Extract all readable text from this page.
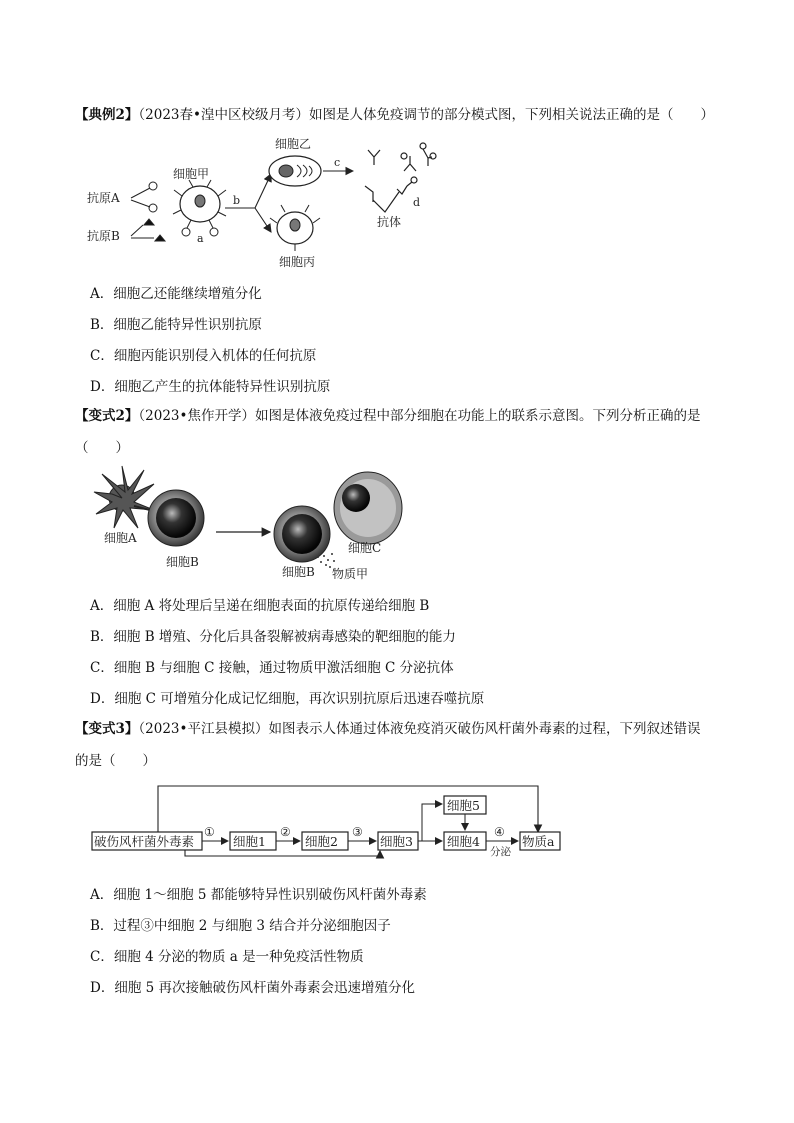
【典例2】（2023春•湟中区校级月考）如图是人体免疫调节的部分模式图，下列相关说法正确的是（　　）
抗原A
抗原B
细胞甲
a
b
细胞乙
c
抗体
d
细胞丙
A．细胞乙还能继续增殖分化
B．细胞乙能特异性识别抗原
C．细胞丙能识别侵入机体的任何抗原
D．细胞乙产生的抗体能特异性识别抗原
【变式2】（2023•焦作开学）如图是体液免疫过程中部分细胞在功能上的联系示意图。下列分析正确的是
（　　）
细胞A
细胞B
细胞B 物质甲
细胞C
A．细胞 A 将处理后呈递在细胞表面的抗原传递给细胞 B
B．细胞 B 增殖、分化后具备裂解被病毒感染的靶细胞的能力
C．细胞 B 与细胞 C 接触，通过物质甲激活细胞 C 分泌抗体
D．细胞 C 可增殖分化成记忆细胞，再次识别抗原后迅速吞噬抗原
【变式3】（2023•平江县模拟）如图表示人体通过体液免疫消灭破伤风杆菌外毒素的过程，下列叙述错误
的是（　　）
破伤风杆菌外毒素
①
细胞1
②
细胞2
③
细胞3
细胞5
细胞4
④
分泌
物质a
A．细胞 1～细胞 5 都能够特异性识别破伤风杆菌外毒素
B．过程③中细胞 2 与细胞 3 结合并分泌细胞因子
C．细胞 4 分泌的物质 a 是一种免疫活性物质
D．细胞 5 再次接触破伤风杆菌外毒素会迅速增殖分化
